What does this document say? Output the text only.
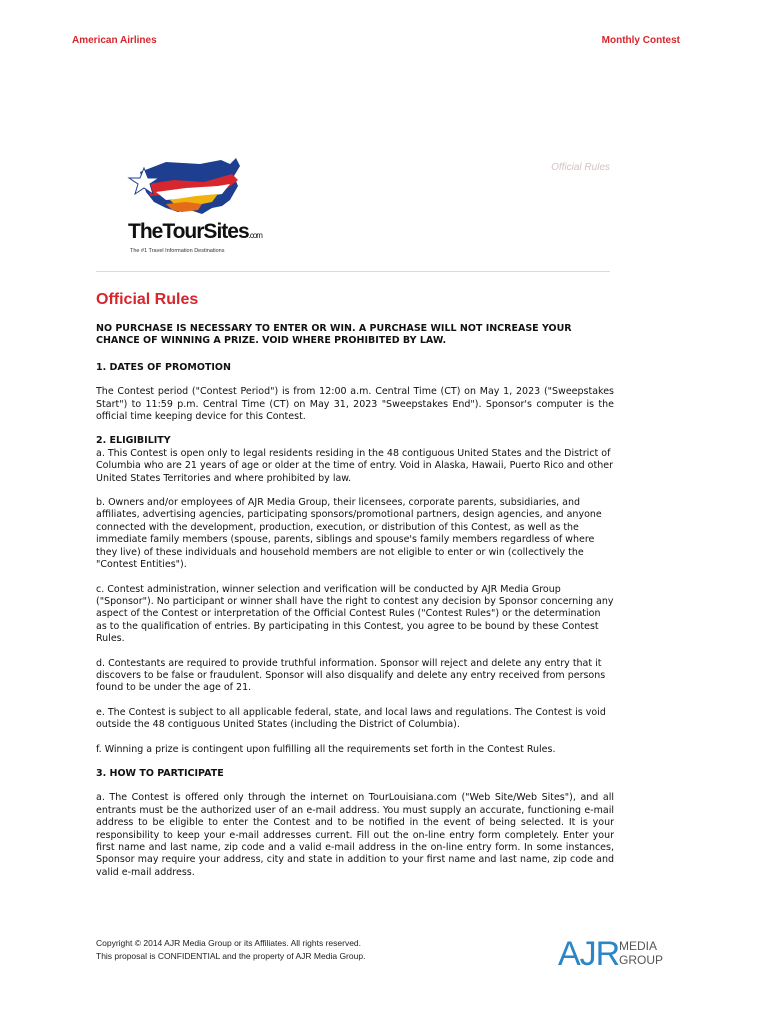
American Airlines	Monthly Contest
Official Rules
TheTourSites.com
The #1 Travel Information Destinations
Official Rules

NO PURCHASE IS NECESSARY TO ENTER OR WIN. A PURCHASE WILL NOT INCREASE YOUR CHANCE OF WINNING A PRIZE. VOID WHERE PROHIBITED BY LAW.

1. DATES OF PROMOTION

The Contest period ("Contest Period") is from 12:00 a.m. Central Time (CT) on May 1, 2023 ("Sweepstakes Start") to 11:59 p.m. Central Time (CT) on May 31, 2023 "Sweepstakes End"). Sponsor's computer is the official time keeping device for this Contest.

2. ELIGIBILITY

a. This Contest is open only to legal residents residing in the 48 contiguous United States and the District of Columbia who are 21 years of age or older at the time of entry. Void in Alaska, Hawaii, Puerto Rico and other United States Territories and where prohibited by law.

b. Owners and/or employees of AJR Media Group, their licensees, corporate parents, subsidiaries, and affiliates, advertising agencies, participating sponsors/promotional partners, design agencies, and anyone connected with the development, production, execution, or distribution of this Contest, as well as the immediate family members (spouse, parents, siblings and spouse's family members regardless of where they live) of these individuals and household members are not eligible to enter or win (collectively the "Contest Entities").

c. Contest administration, winner selection and verification will be conducted by AJR Media Group ("Sponsor"). No participant or winner shall have the right to contest any decision by Sponsor concerning any aspect of the Contest or interpretation of the Official Contest Rules ("Contest Rules") or the determination as to the qualification of entries. By participating in this Contest, you agree to be bound by these Contest Rules.

d. Contestants are required to provide truthful information. Sponsor will reject and delete any entry that it discovers to be false or fraudulent. Sponsor will also disqualify and delete any entry received from persons found to be under the age of 21.

e. The Contest is subject to all applicable federal, state, and local laws and regulations. The Contest is void outside the 48 contiguous United States (including the District of Columbia).

f. Winning a prize is contingent upon fulfilling all the requirements set forth in the Contest Rules.

3. HOW TO PARTICIPATE

a. The Contest is offered only through the internet on TourLouisiana.com ("Web Site/Web Sites"), and all entrants must be the authorized user of an e-mail address. You must supply an accurate, functioning e-mail address to be eligible to enter the Contest and to be notified in the event of being selected. It is your responsibility to keep your e-mail addresses current. Fill out the on-line entry form completely. Enter your first name and last name, zip code and a valid e-mail address in the on-line entry form. In some instances, Sponsor may require your address, city and state in addition to your first name and last name, zip code and valid e-mail address.

Copyright © 2014 AJR Media Group or its Affiliates. All rights reserved. This proposal is CONFIDENTIAL and the property of AJR Media Group.	AJR MEDIA
GROUP
